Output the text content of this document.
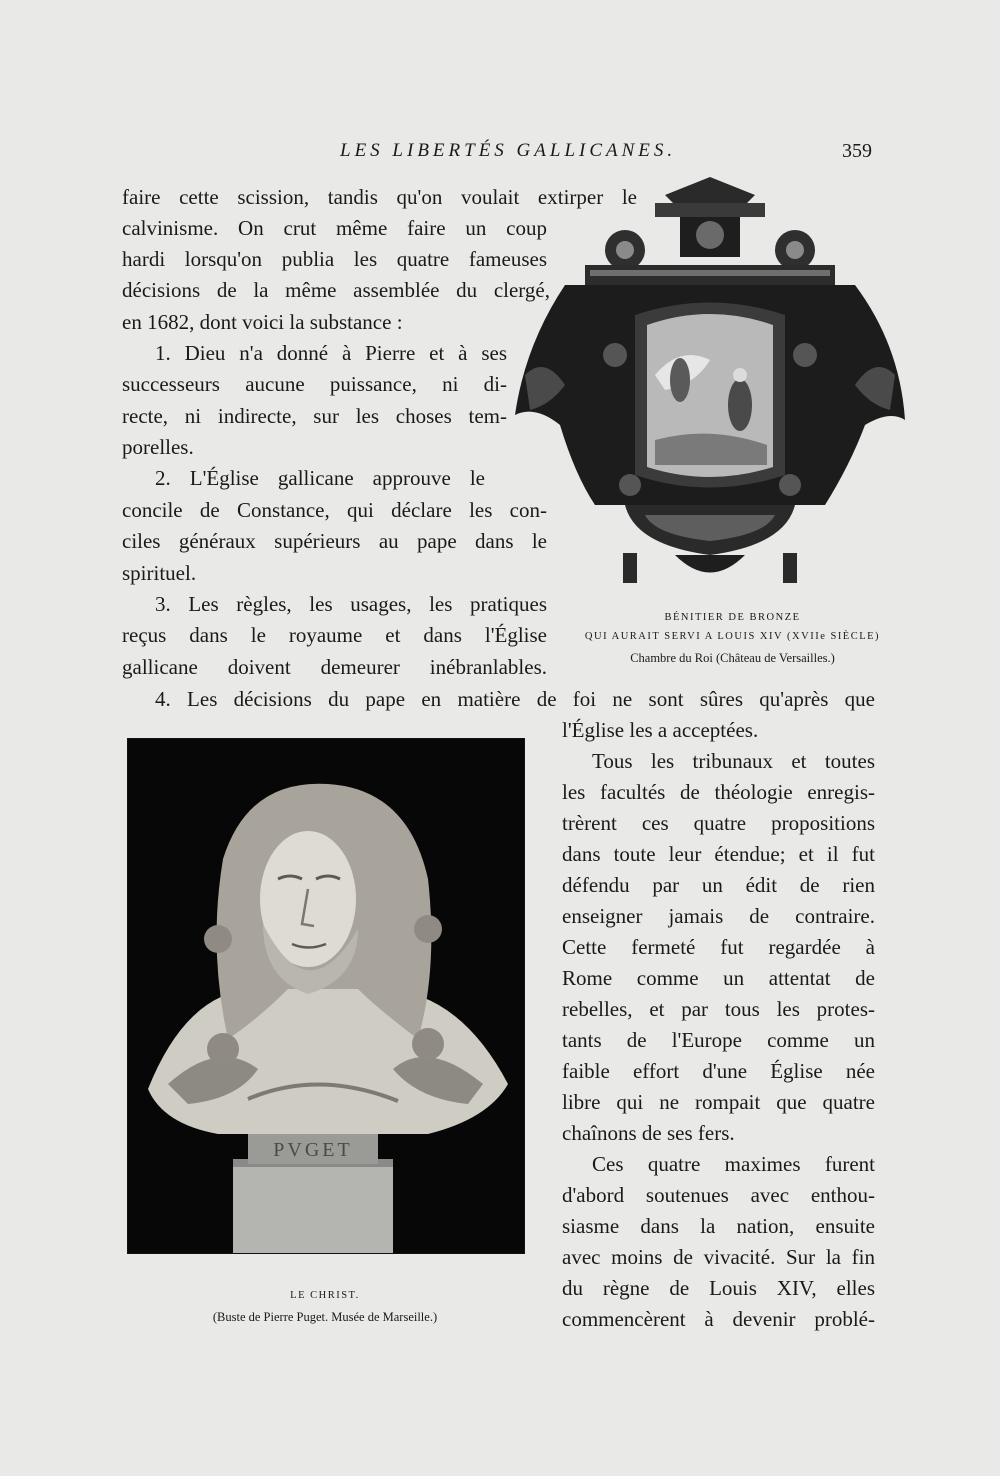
LES LIBERTÉS GALLICANES.	359
faire cette scission, tandis qu'on voulait extirper le
calvinisme. On crut même faire un coup
hardi lorsqu'on publia les quatre fameuses
décisions de la même assemblée du clergé,
en 1682, dont voici la substance :
1. Dieu n'a donné à Pierre et à ses
successeurs aucune puissance, ni di-
recte, ni indirecte, sur les choses tem-
porelles.
2. L'Église gallicane approuve le
concile de Constance, qui déclare les con-
ciles généraux supérieurs au pape dans le
spirituel.
3. Les règles, les usages, les pratiques
reçus dans le royaume et dans l'Église
gallicane doivent demeurer inébranlables.
4. Les décisions du pape en matière de foi ne sont sûres qu'après que
l'Église les a acceptées.
Tous les tribunaux et toutes
les facultés de théologie enregis-
trèrent ces quatre propositions
dans toute leur étendue; et il fut
défendu par un édit de rien
enseigner jamais de contraire.
Cette fermeté fut regardée à
Rome comme un attentat de
rebelles, et par tous les protes-
tants de l'Europe comme un
faible effort d'une Église née
libre qui ne rompait que quatre
chaînons de ses fers.
Ces quatre maximes furent
d'abord soutenues avec enthou-
siasme dans la nation, ensuite
avec moins de vivacité. Sur la fin
du règne de Louis XIV, elles
commencèrent à devenir problé-
BÉNITIER DE BRONZE
QUI AURAIT SERVI A LOUIS XIV (XVIIe SIÈCLE)
Chambre du Roi (Château de Versailles.)
PVGET
LE CHRIST.
(Buste de Pierre Puget. Musée de Marseille.)
